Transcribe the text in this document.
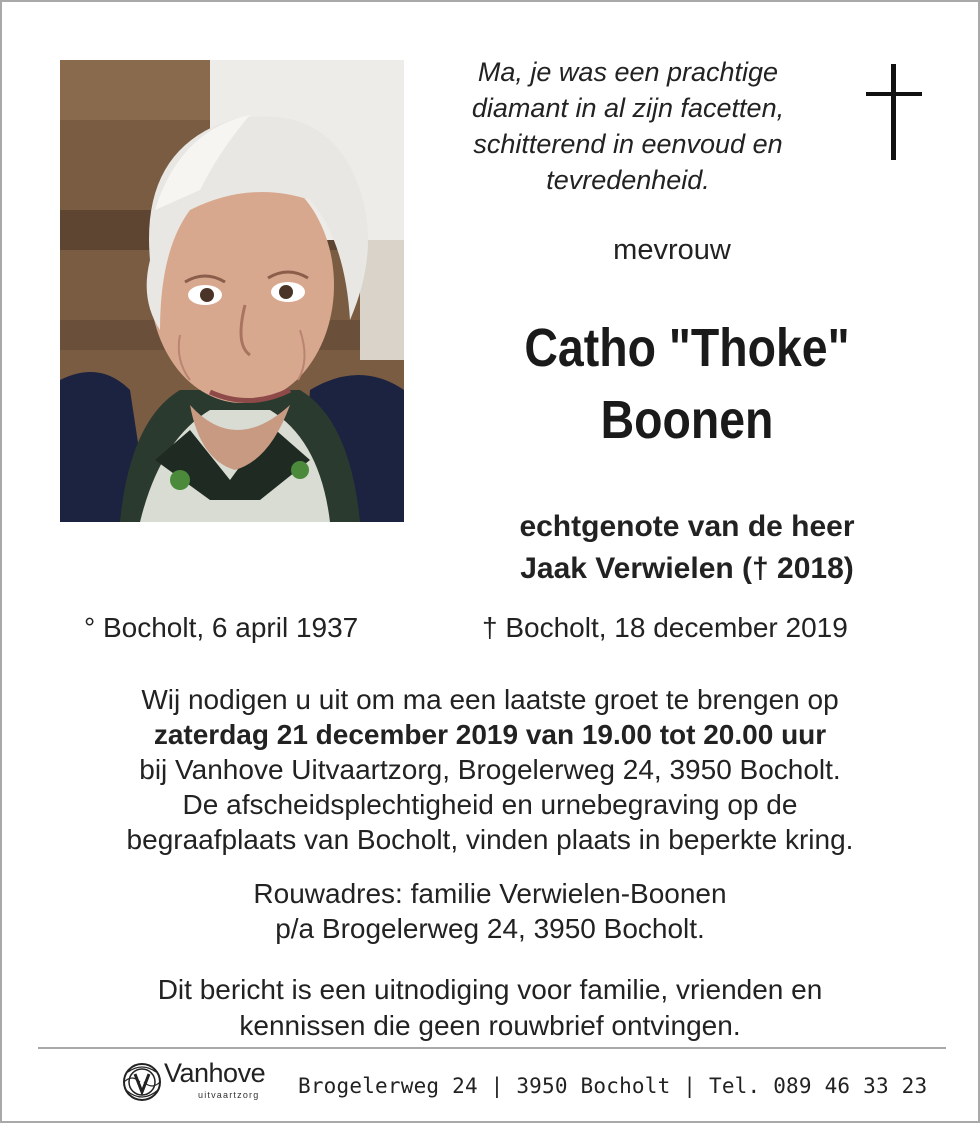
Ma, je was een prachtige
diamant in al zijn facetten,
schitterend in eenvoud en
tevredenheid.
mevrouw
Catho "Thoke"
Boonen
echtgenote van de heer
Jaak Verwielen († 2018)
° Bocholt, 6 april 1937	† Bocholt, 18 december 2019

Wij nodigen u uit om ma een laatste groet te brengen op

zaterdag 21 december 2019 van 19.00 tot 20.00 uur

bij Vanhove Uitvaartzorg, Brogelerweg 24, 3950 Bocholt.

De afscheidsplechtigheid en urnebegraving op de

begraafplaats van Bocholt, vinden plaats in beperkte kring.

Rouwadres: familie Verwielen-Boonen

p/a Brogelerweg 24, 3950 Bocholt.

Dit bericht is een uitnodiging voor familie, vrienden en

kennissen die geen rouwbrief ontvingen.

Vanhove
uitvaartzorg Brogelerweg 24 | 3950 Bocholt | Tel. 089 46 33 23
